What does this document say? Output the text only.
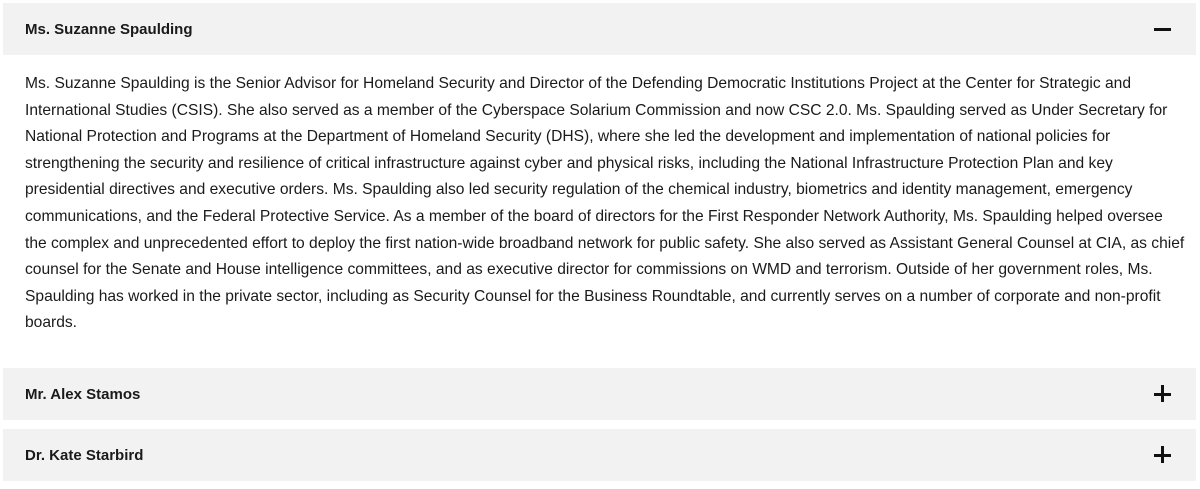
Ms. Suzanne Spaulding

Ms. Suzanne Spaulding is the Senior Advisor for Homeland Security and Director of the Defending Democratic Institutions Project at the Center for Strategic and International Studies (CSIS). She also served as a member of the Cyberspace Solarium Commission and now CSC 2.0. Ms. Spaulding served as Under Secretary for National Protection and Programs at the Department of Homeland Security (DHS), where she led the development and implementation of national policies for strengthening the security and resilience of critical infrastructure against cyber and physical risks, including the National Infrastructure Protection Plan and key presidential directives and executive orders. Ms. Spaulding also led security regulation of the chemical industry, biometrics and identity management, emergency communications, and the Federal Protective Service. As a member of the board of directors for the First Responder Network Authority, Ms. Spaulding helped oversee the complex and unprecedented effort to deploy the first nation-wide broadband network for public safety. She also served as Assistant General Counsel at CIA, as chief counsel for the Senate and House intelligence committees, and as executive director for commissions on WMD and terrorism. Outside of her government roles, Ms. Spaulding has worked in the private sector, including as Security Counsel for the Business Roundtable, and currently serves on a number of corporate and non-profit boards.

Mr. Alex Stamos
Dr. Kate Starbird
